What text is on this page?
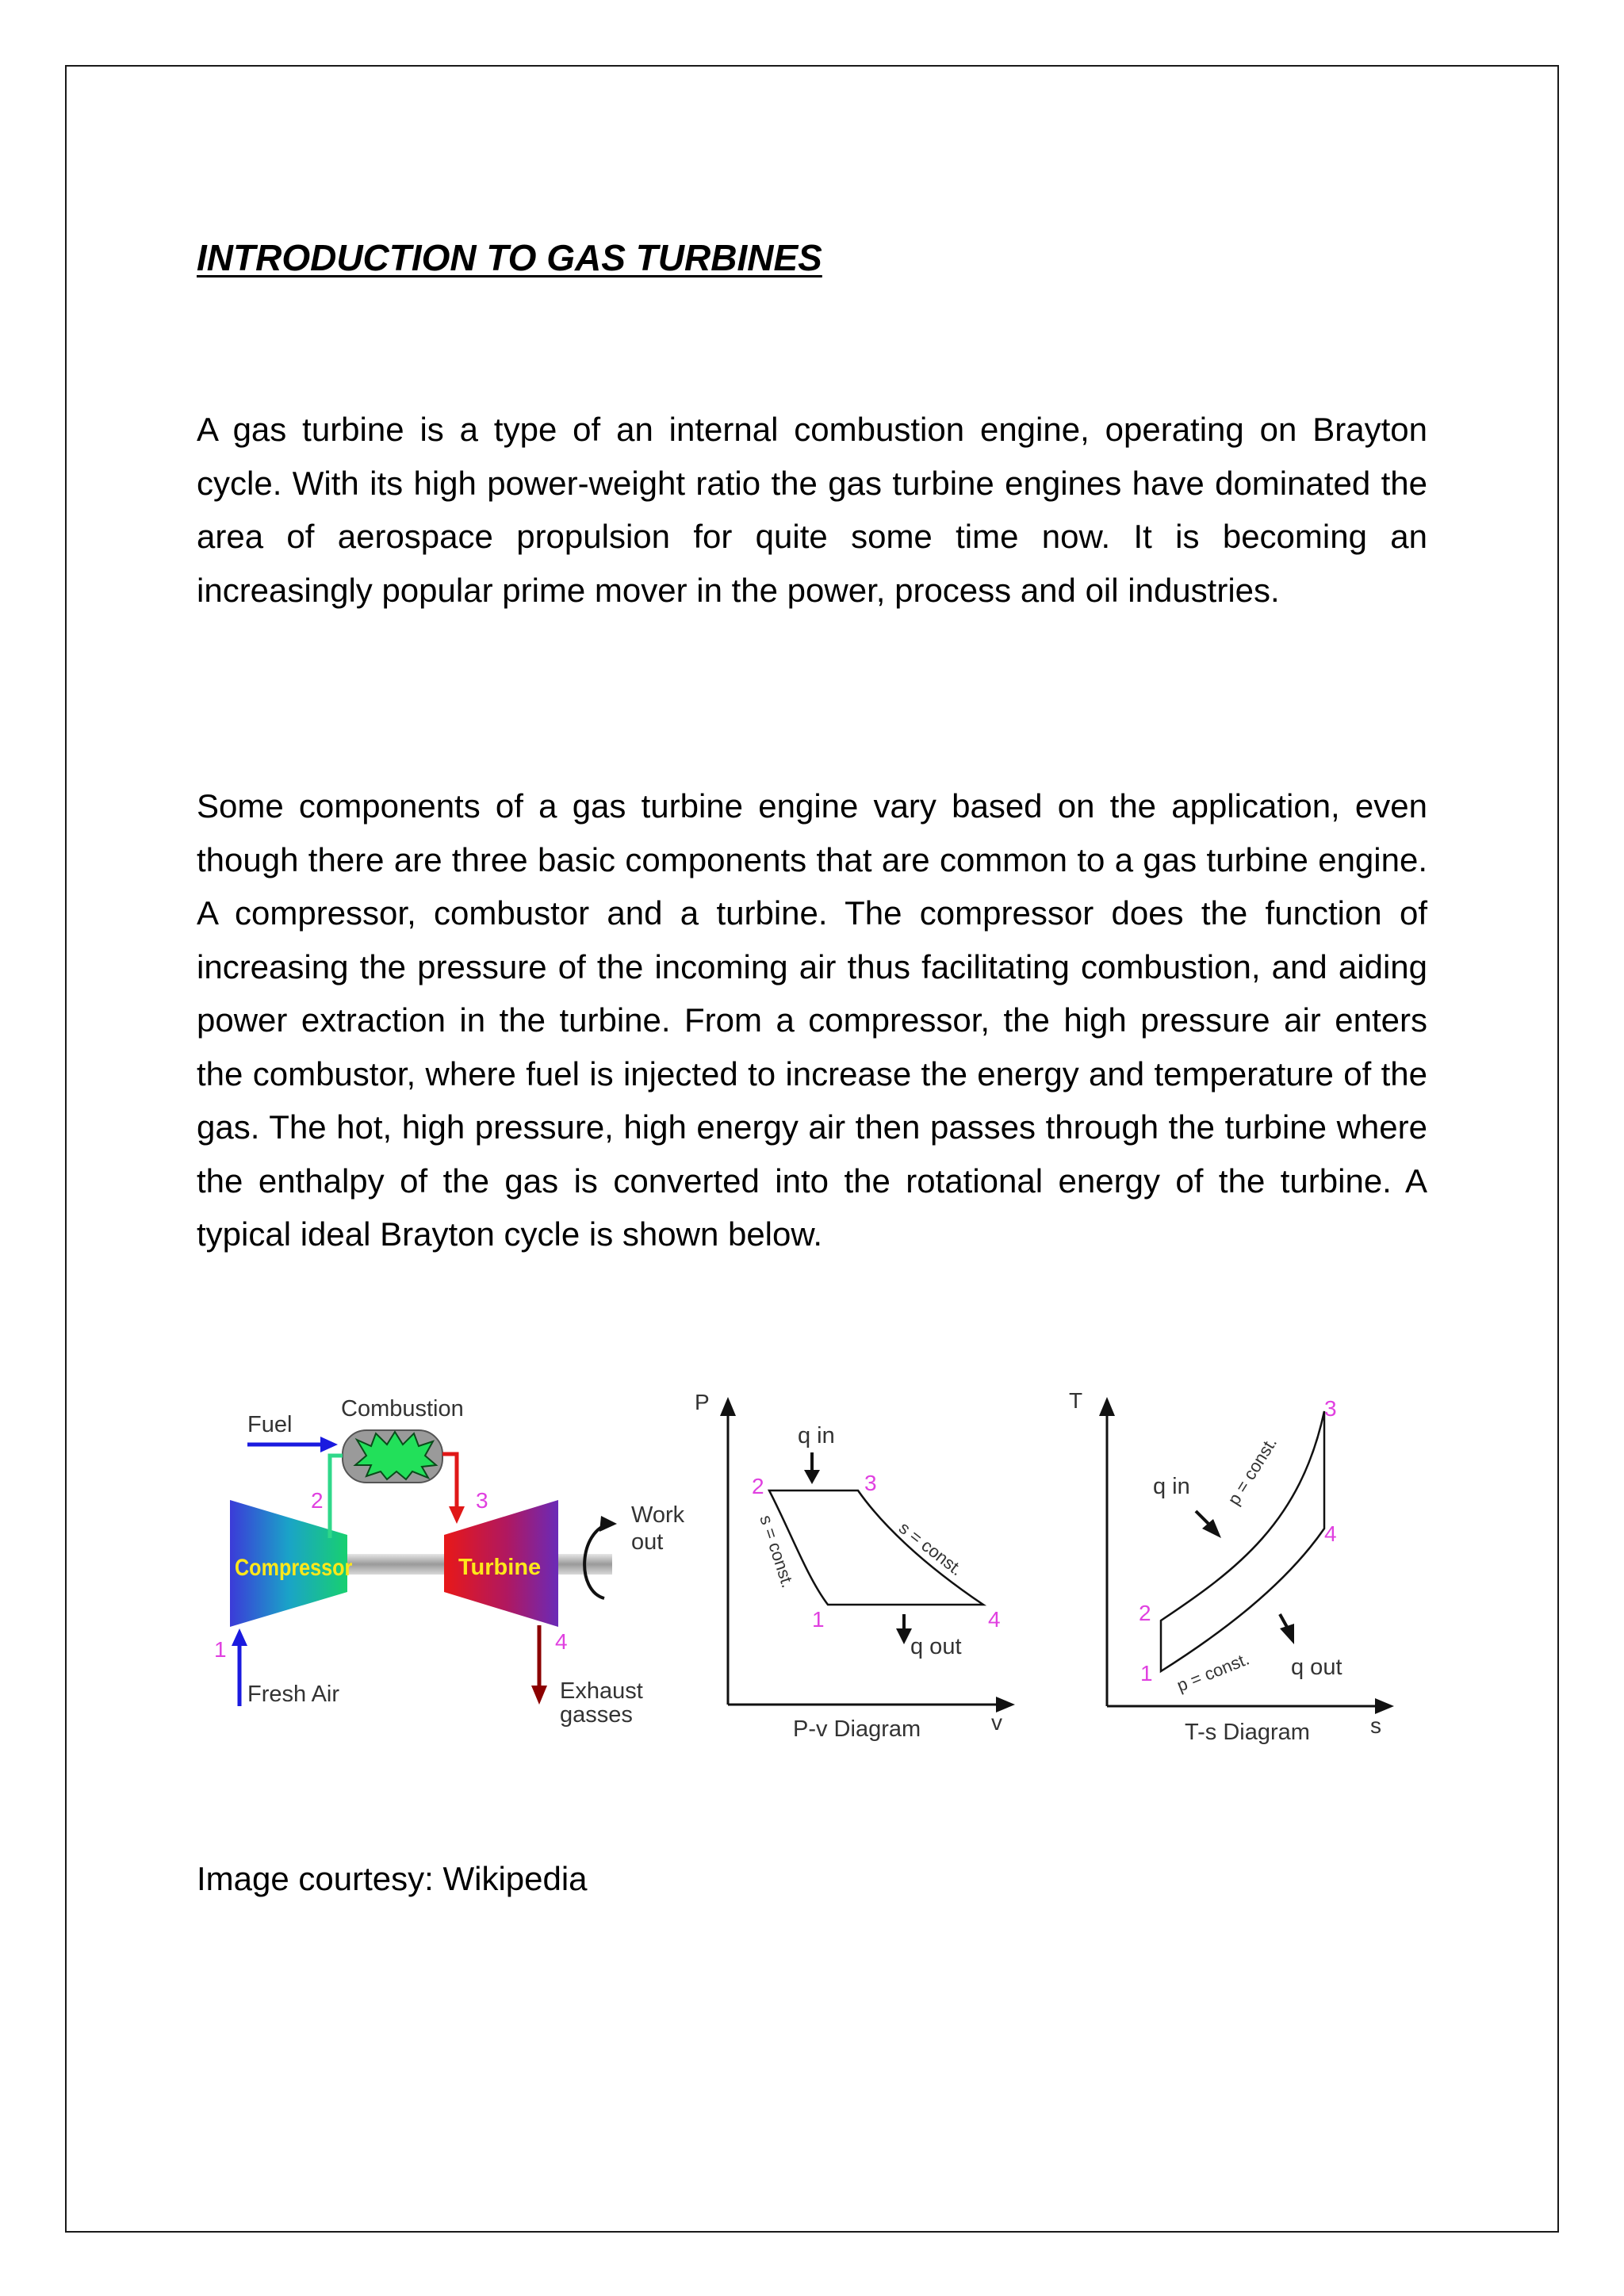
INTRODUCTION TO GAS TURBINES

A gas turbine is a type of an internal combustion engine, operating on Brayton cycle. With its high power-weight ratio the gas turbine engines have dominated the area of aerospace propulsion for quite some time now. It is becoming an increasingly popular prime mover in the power, process and oil industries.

Some components of a gas turbine engine vary based on the application, even though there are three basic components that are common to a gas turbine engine. A compressor, combustor and a turbine. The compressor does the function of increasing the pressure of the incoming air thus facilitating combustion, and aiding power extraction in the turbine. From a compressor, the high pressure air enters the combustor, where fuel is injected to increase the energy and temperature of the gas. The hot, high pressure, high energy air then passes through the turbine where the enthalpy of the gas is converted into the rotational energy of the turbine. A typical ideal Brayton cycle is shown below.

Compressor	Turbine
Combustion
Fuel
2	3
Work
out
1
Fresh Air
4
Exhaust
gasses
P
v
2	3
1	4
q in
q out
s = const.	s = const.
P-v Diagram
T
s
3
4
2
1
q in
q out
p = const.
p = const.
T-s Diagram

Image courtesy: Wikipedia
